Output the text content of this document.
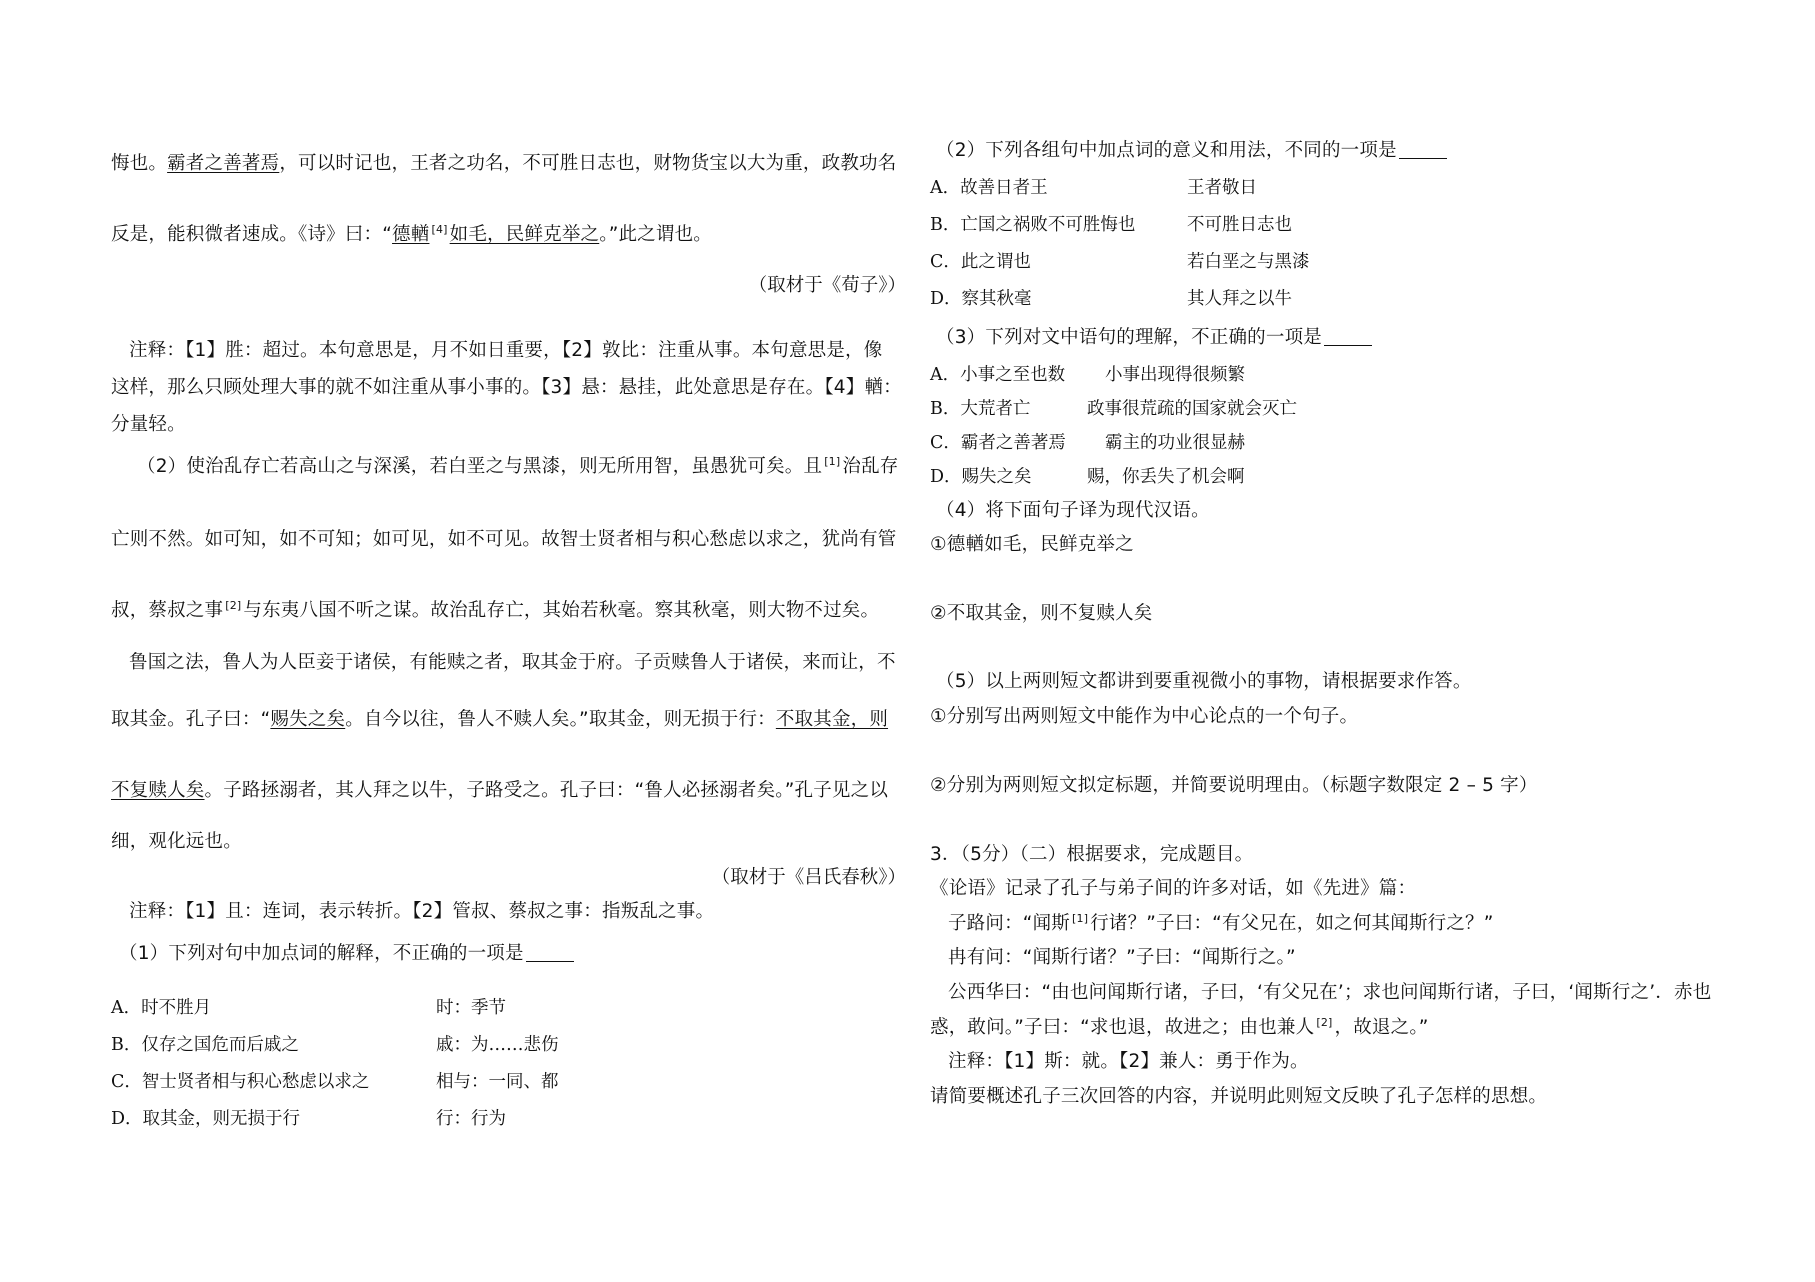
悔也。霸者之善著焉，可以时记也，王者之功名，不可胜日志也，财物货宝以大为重，政教功名
反是，能积微者速成。《诗》曰：“德輶 [4] 如毛，民鲜克举之。”此之谓也。
（取材于《荀子》）
注释：【1】胜：超过。本句意思是，月不如日重要，【2】敦比：注重从事。本句意思是，像
这样，那么只顾处理大事的就不如注重从事小事的。【3】悬：悬挂，此处意思是存在。【4】輶：
分量轻。
（2）使治乱存亡若高山之与深溪，若白垩之与黑漆，则无所用智，虽愚犹可矣。且 [1] 治乱存
亡则不然。如可知，如不可知；如可见，如不可见。故智士贤者相与积心愁虑以求之，犹尚有管
叔，蔡叔之事 [2] 与东夷八国不听之谋。故治乱存亡，其始若秋毫。察其秋毫，则大物不过矣。
鲁国之法，鲁人为人臣妾于诸侯，有能赎之者，取其金于府。子贡赎鲁人于诸侯，来而让，不
取其金。孔子曰：“赐失之矣。自今以往，鲁人不赎人矣。”取其金，则无损于行：不取其金，则
不复赎人矣。子路拯溺者，其人拜之以牛，子路受之。孔子曰：“鲁人必拯溺者矣。”孔子见之以
细，观化远也。
（取材于《吕氏春秋》）
注释：【1】且：连词，表示转折。【2】管叔、蔡叔之事：指叛乱之事。
（1）下列对句中加点词的解释，不正确的一项是
A．时不胜月	时：季节
B．仅存之国危而后戚之	戚：为……悲伤
C．智士贤者相与积心愁虑以求之	相与：一同、都
D．取其金，则无损于行	行：行为
（2）下列各组句中加点词的意义和用法，不同的一项是
A．故善日者王	王者敬日
B．亡国之祸败不可胜悔也	不可胜日志也
C．此之谓也	若白垩之与黑漆
D．察其秋毫	其人拜之以牛
（3）下列对文中语句的理解，不正确的一项是
A．小事之至也数 小事出现得很频繁
B．大荒者亡	政事很荒疏的国家就会灭亡
C．霸者之善著焉 霸主的功业很显赫
D．赐失之矣	赐，你丢失了机会啊
（4）将下面句子译为现代汉语。
①德輶如毛，民鲜克举之
②不取其金，则不复赎人矣
（5）以上两则短文都讲到要重视微小的事物，请根据要求作答。
①分别写出两则短文中能作为中心论点的一个句子。
②分别为两则短文拟定标题，并简要说明理由。（标题字数限定 2 – 5 字）
3．（5分）（二）根据要求，完成题目。
《论语》记录了孔子与弟子间的许多对话，如《先进》篇：
子路问：“闻斯 [1] 行诸？”子曰：“有父兄在，如之何其闻斯行之？”
冉有问：“闻斯行诸？”子曰：“闻斯行之。”
公西华曰：“由也问闻斯行诸，子曰，‘有父兄在’；求也问闻斯行诸，子曰，‘闻斯行之’．赤也
惑，敢问。”子曰：“求也退，故进之；由也兼人 [2] ，故退之。”
注释：【1】斯：就。【2】兼人：勇于作为。
请简要概述孔子三次回答的内容，并说明此则短文反映了孔子怎样的思想。
